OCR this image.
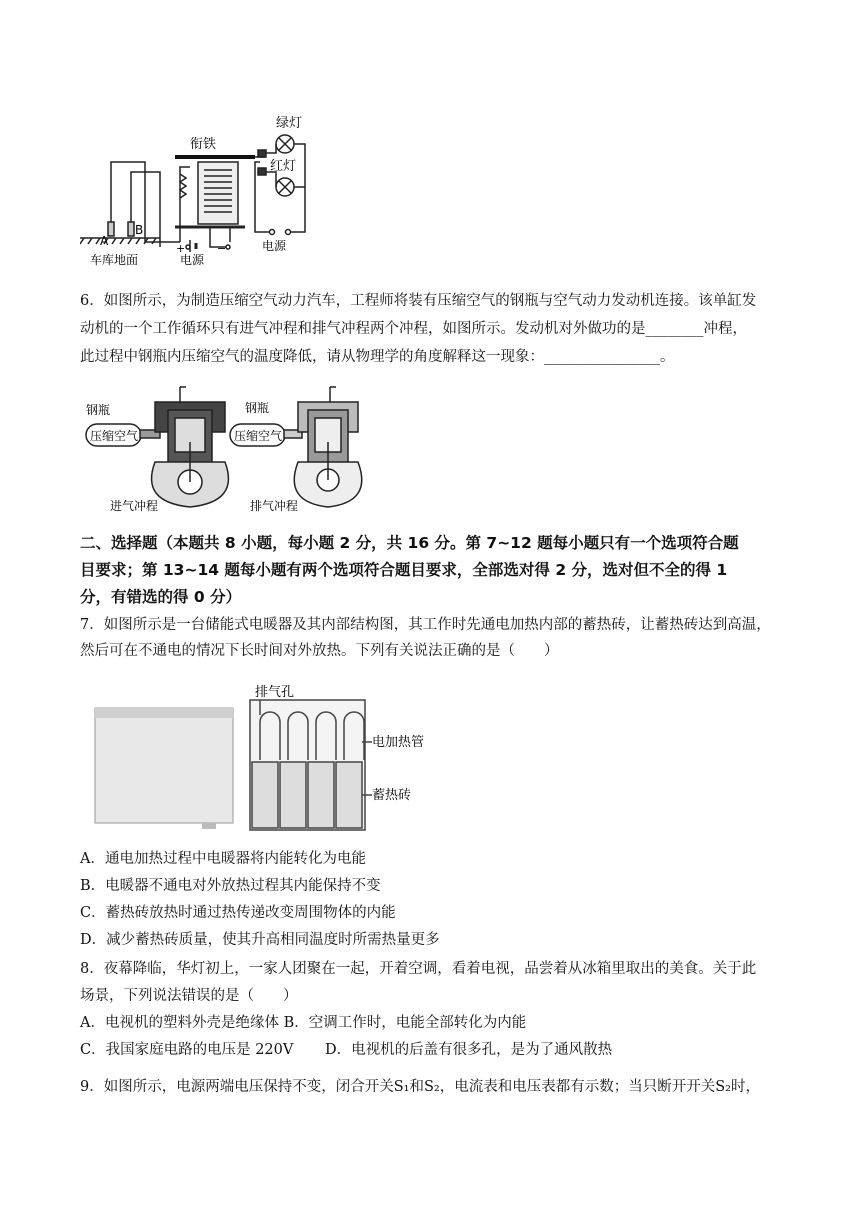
绿灯
衔铁
红灯
A
B
车库地面	电源
电源
+	−
6．如图所示，为制造压缩空气动力汽车，工程师将装有压缩空气的钢瓶与空气动力发动机连接。该单缸发
动机的一个工作循环只有进气冲程和排气冲程两个冲程，如图所示。发动机对外做功的是________冲程，
此过程中钢瓶内压缩空气的温度降低，请从物理学的角度解释这一现象：________________。
钢瓶
压缩空气
进气冲程
钢瓶
压缩空气
排气冲程
二、选择题（本题共 8 小题，每小题 2 分，共 16 分。第 7~12 题每小题只有一个选项符合题
目要求；第 13~14 题每小题有两个选项符合题目要求，全部选对得 2 分，选对但不全的得 1
分，有错选的得 0 分）
7．如图所示是一台储能式电暖器及其内部结构图，其工作时先通电加热内部的蓄热砖，让蓄热砖达到高温，
然后可在不通电的情况下长时间对外放热。下列有关说法正确的是（　　）
排气孔
电加热管
蓄热砖
A．通电加热过程中电暖器将内能转化为电能
B．电暖器不通电对外放热过程其内能保持不变
C．蓄热砖放热时通过热传递改变周围物体的内能
D．减少蓄热砖质量，使其升高相同温度时所需热量更多
8．夜幕降临，华灯初上，一家人团聚在一起，开着空调，看着电视，品尝着从冰箱里取出的美食。关于此
场景，下列说法错误的是（　　）
A．电视机的塑料外壳是绝缘体 B．空调工作时，电能全部转化为内能
C．我国家庭电路的电压是 220V	D．电视机的后盖有很多孔，是为了通风散热
9．如图所示，电源两端电压保持不变，闭合开关S₁和S₂，电流表和电压表都有示数；当只断开开关S₂时，
